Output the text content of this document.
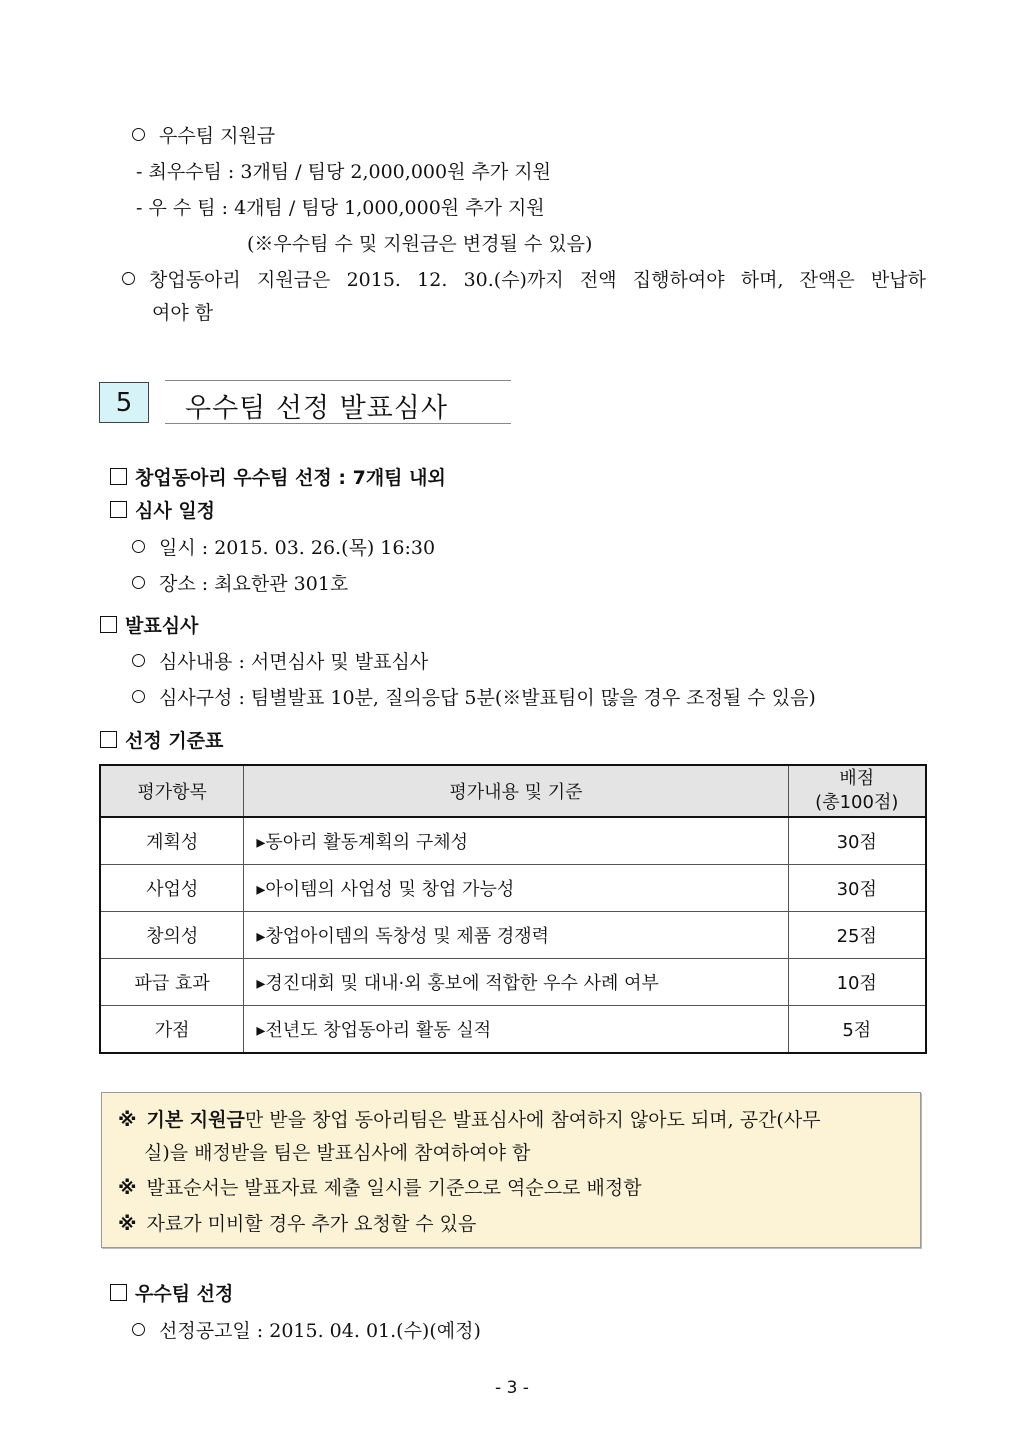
우수팀 지원금
- 최우수팀 : 3개팀 / 팀당 2,000,000원 추가 지원
- 우 수 팀 : 4개팀 / 팀당 1,000,000원 추가 지원
(※우수팀 수 및 지원금은 변경될 수 있음)
창업동아리 지원금은 2015. 12. 30.(수)까지 전액 집행하여야 하며, 잔액은 반납하
여야 함
5	우수팀 선정 발표심사
창업동아리 우수팀 선정 : 7개팀 내외
심사 일정
일시 : 2015. 03. 26.(목) 16:30
장소 : 최요한관 301호
발표심사
심사내용 : 서면심사 및 발표심사
심사구성 : 팀별발표 10분, 질의응답 5분(※발표팀이 많을 경우 조정될 수 있음)
선정 기준표
평가항목	평가내용 및 기준	배점
(총100점)

계획성	▸동아리 활동계획의 구체성	30점
사업성	▸아이템의 사업성 및 창업 가능성	30점
창의성	▸창업아이템의 독창성 및 제품 경쟁력	25점
파급 효과	▸경진대회 및 대내·외 홍보에 적합한 우수 사례 여부	10점
가점	▸전년도 창업동아리 활동 실적	5점
※ 기본 지원금만 받을 창업 동아리팀은 발표심사에 참여하지 않아도 되며, 공간(사무
실)을 배정받을 팀은 발표심사에 참여하여야 함
※ 발표순서는 발표자료 제출 일시를 기준으로 역순으로 배정함
※ 자료가 미비할 경우 추가 요청할 수 있음
우수팀 선정
선정공고일 : 2015. 04. 01.(수)(예정)
- 3 -
